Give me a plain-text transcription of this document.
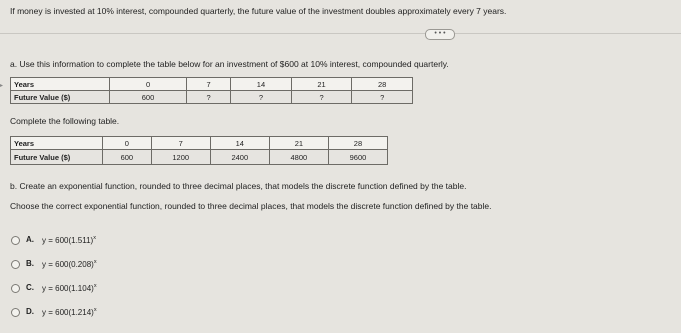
If money is invested at 10% interest, compounded quarterly, the future value of the investment doubles approximately every 7 years.
• • •
a. Use this information to complete the table below for an investment of $600 at 10% interest, compounded quarterly.
▸ Years	0	7	14	21	28
Future Value ($)	600	?	?	?	?
Complete the following table.
Years	0	7	14	21	28
Future Value ($)	600	1200	2400	4800	9600
b. Create an exponential function, rounded to three decimal places, that models the discrete function defined by the table.
Choose the correct exponential function, rounded to three decimal places, that models the discrete function defined by the table.
A. $y = 600(1.511)^x$
B. $y = 600(0.208)^x$
C. $y = 600(1.104)^x$
D. $y = 600(1.214)^x$
